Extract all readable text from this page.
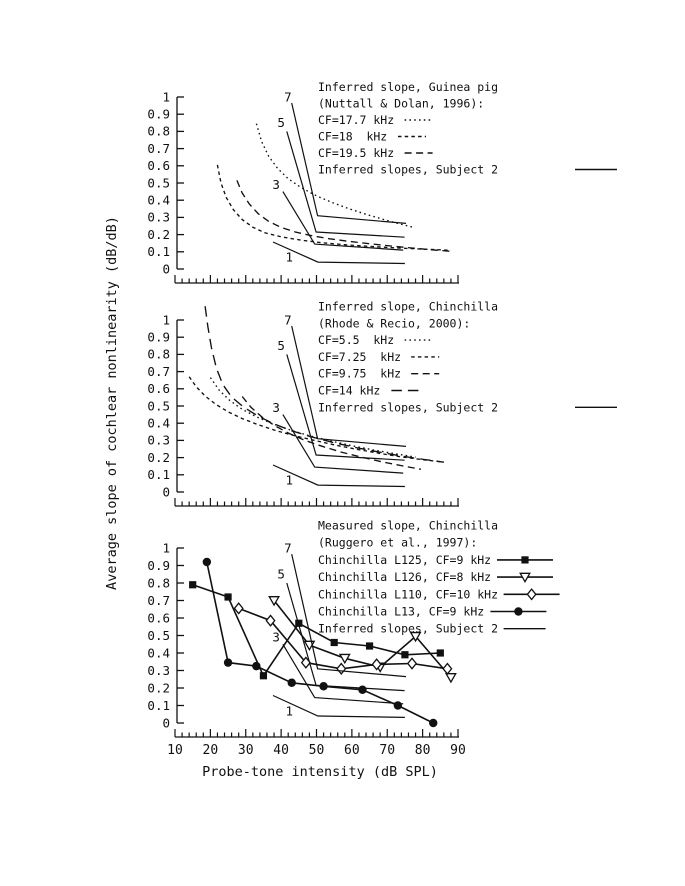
Average slope of cochlear nonlinearity (dB/dB)
Probe-tone intensity (dB SPL)
0
0.1
0.2
0.3
0.4
0.5
0.6
0.7
0.8
0.9
1	7
5
3
1
Inferred slope, Guinea pig
(Nuttall & Dolan, 1996):
CF=17.7 kHz
CF=18  kHz
CF=19.5 kHz
Inferred slopes, Subject 2
0
0.1
0.2
0.3
0.4
0.5
0.6
0.7
0.8
0.9
1	7
5
3
1
Inferred slope, Chinchilla
(Rhode & Recio, 2000):
CF=5.5  kHz
CF=7.25  kHz
CF=9.75  kHz
CF=14 kHz
Inferred slopes, Subject 2
0
0.1
0.2
0.3
0.4
0.5
0.6
0.7
0.8
0.9
1
10 20 30 40 50 60 70 80 90
7
5
3
1
Measured slope, Chinchilla
(Ruggero et al., 1997):
Chinchilla L125, CF=9 kHz
Chinchilla L126, CF=8 kHz
Chinchilla L110, CF=10 kHz
Chinchilla L13, CF=9 kHz
Inferred slopes, Subject 2
